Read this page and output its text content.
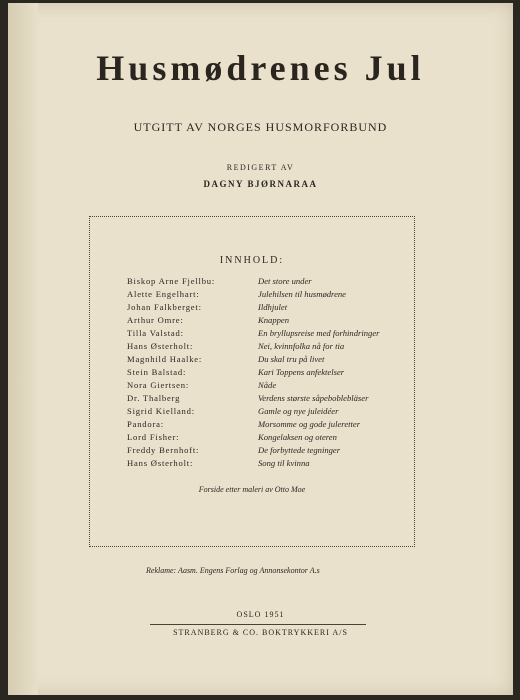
Husmødrenes Jul
UTGITT AV NORGES HUSMORFORBUND
REDIGERT AV
DAGNY BJØRNARAA
INNHOLD:
Biskop Arne Fjellbu:	Det store under
Alette Engelhart:	Julehilsen til husmødrene
Johan Falkberget:	Ildhjulet
Arthur Omre:	Knappen
Tilla Valstad:	En bryllupsreise med forhindringer
Hans Østerholt:	Nei, kvinnfolka nå for tia
Magnhild Haalke:	Du skal tru på livet
Stein Balstad:	Kari Toppens anfektelser
Nora Giertsen:	Nåde
Dr. Thalberg	Verdens største såpeboblebläser
Sigrid Kielland:	Gamle og nye juleidéer
Pandora:	Morsomme og gode juleretter
Lord Fisher:	Kongelaksen og oteren
Freddy Bernhoft:	De forbyttede tegninger
Hans Østerholt:	Song til kvinna
Forside etter maleri av Otto Moe
Reklame: Aasm. Engens Forlag og Annonsekontor A.s
OSLO 1951
STRANBERG & CO. BOKTRYKKERI A/S
